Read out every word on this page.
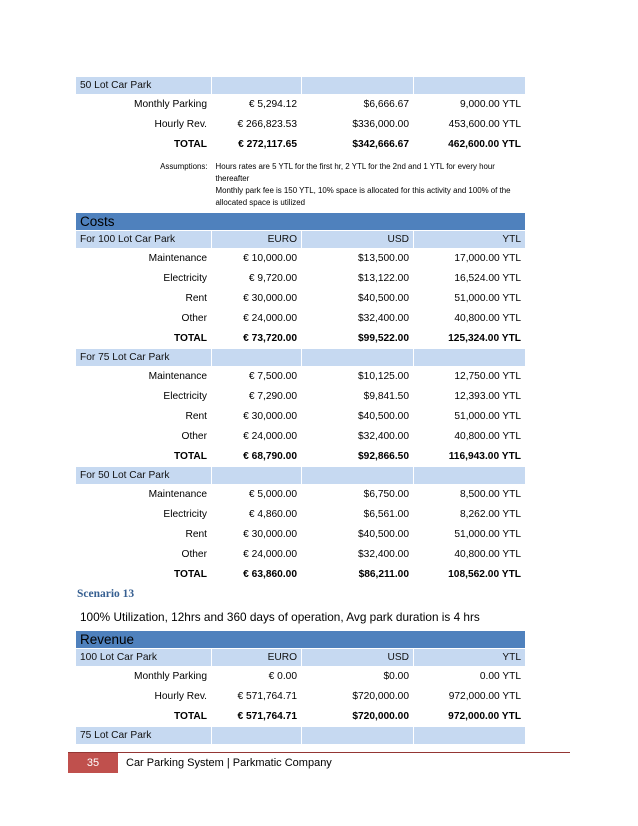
50 Lot Car Park			
Monthly Parking	€ 5,294.12	$6,666.67	9,000.00 YTL
Hourly Rev.	€ 266,823.53	$336,000.00	453,600.00 YTL
TOTAL	€ 272,117.65	$342,666.67	462,600.00 YTL
Assumptions:	Hours rates are 5 YTL for the first hr, 2 YTL for the 2nd and 1 YTL for every hour thereafter
Monthly park fee is 150 YTL, 10% space is allocated for this activity and 100% of the allocated space is utilized		
Costs			
For 100 Lot Car Park	EURO	USD	YTL
Maintenance	€ 10,000.00	$13,500.00	17,000.00 YTL
Electricity	€ 9,720.00	$13,122.00	16,524.00 YTL
Rent	€ 30,000.00	$40,500.00	51,000.00 YTL
Other	€ 24,000.00	$32,400.00	40,800.00 YTL
TOTAL	€ 73,720.00	$99,522.00	125,324.00 YTL
For 75 Lot Car Park			
Maintenance	€ 7,500.00	$10,125.00	12,750.00 YTL
Electricity	€ 7,290.00	$9,841.50	12,393.00 YTL
Rent	€ 30,000.00	$40,500.00	51,000.00 YTL
Other	€ 24,000.00	$32,400.00	40,800.00 YTL
TOTAL	€ 68,790.00	$92,866.50	116,943.00 YTL
For 50 Lot Car Park			
Maintenance	€ 5,000.00	$6,750.00	8,500.00 YTL
Electricity	€ 4,860.00	$6,561.00	8,262.00 YTL
Rent	€ 30,000.00	$40,500.00	51,000.00 YTL
Other	€ 24,000.00	$32,400.00	40,800.00 YTL
TOTAL	€ 63,860.00	$86,211.00	108,562.00 YTL
Scenario 13
100% Utilization, 12hrs and 360 days of operation, Avg park duration is 4 hrs
Revenue			
100 Lot Car Park	EURO	USD	YTL
Monthly Parking	€ 0.00	$0.00	0.00 YTL
Hourly Rev.	€ 571,764.71	$720,000.00	972,000.00 YTL
TOTAL	€ 571,764.71	$720,000.00	972,000.00 YTL
75 Lot Car Park			
35	Car Parking System | Parkmatic Company
